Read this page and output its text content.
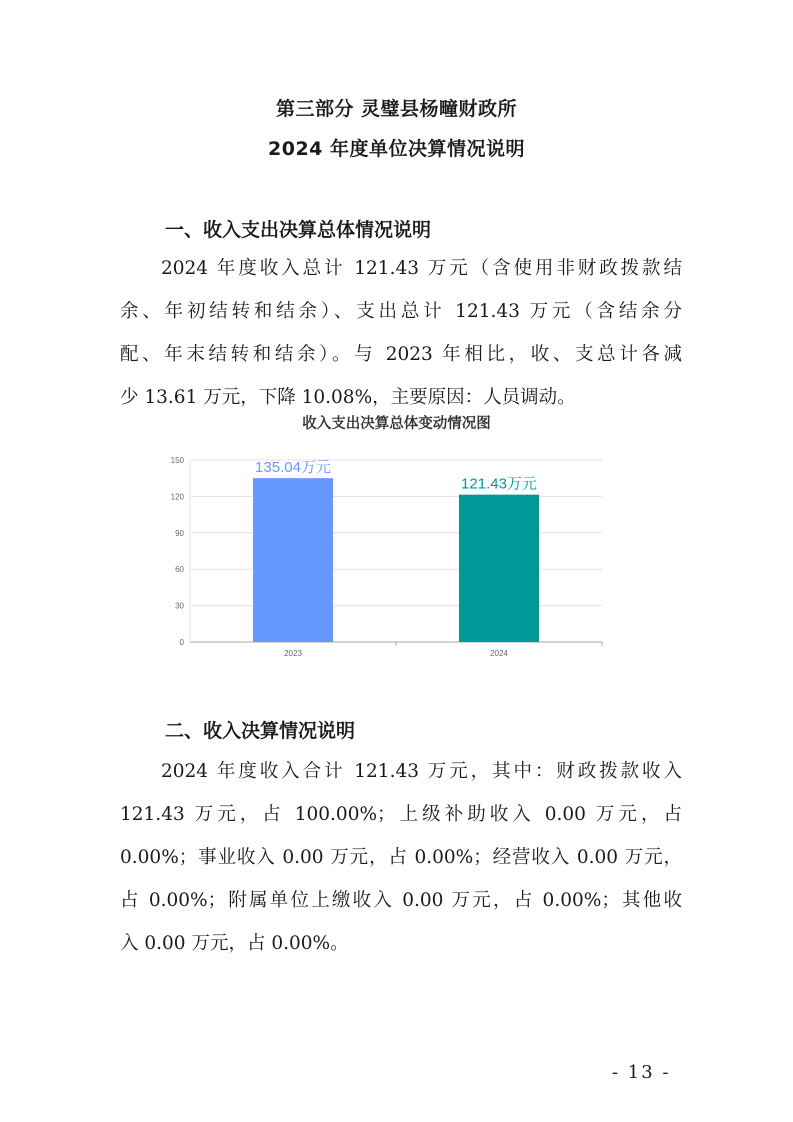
第三部分 灵璧县杨疃财政所
2024 年度单位决算情况说明
一、收入支出决算总体情况说明
2024 年度收入总计 121.43 万元（含使用非财政拨款结
余、年初结转和结余）、支出总计 121.43 万元（含结余分
配、年末结转和结余）。与 2023 年相比，收、支总计各减
少 13.61 万元，下降 10.08%，主要原因：人员调动。
收入支出决算总体变动情况图
0
30
60
90
120
150	135.04万元
2023
121.43万元
2024
二、收入决算情况说明
2024 年度收入合计 121.43 万元，其中：财政拨款收入
121.43 万元，占 100.00%；上级补助收入 0.00 万元，占
0.00%；事业收入 0.00 万元，占 0.00%；经营收入 0.00 万元，
占 0.00%；附属单位上缴收入 0.00 万元，占 0.00%；其他收
入 0.00 万元，占 0.00%。
- 13 -
